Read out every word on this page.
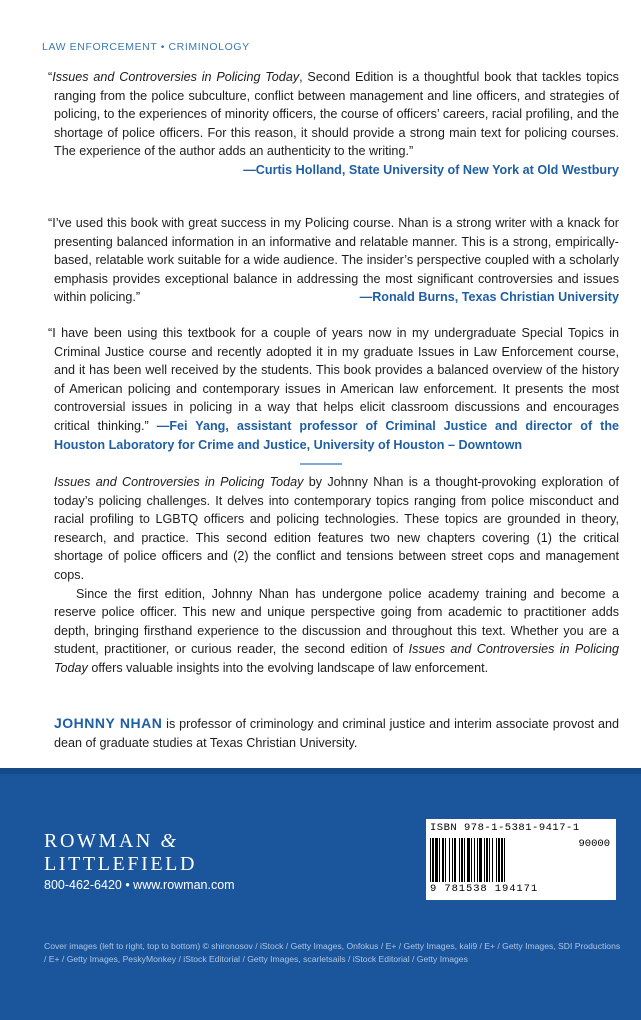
LAW ENFORCEMENT • CRIMINOLOGY
“Issues and Controversies in Policing Today, Second Edition is a thoughtful book that tackles topics ranging from the police subculture, conflict between management and line officers, and strategies of policing, to the experiences of minority officers, the course of officers’ careers, racial profiling, and the shortage of police officers. For this reason, it should provide a strong main text for policing courses. The experience of the author adds an authenticity to the writing.”
—Curtis Holland, State University of New York at Old Westbury
“I’ve used this book with great success in my Policing course. Nhan is a strong writer with a knack for presenting balanced information in an informative and relatable manner. This is a strong, empirically-based, relatable work suitable for a wide audience. The insider’s perspective coupled with a scholarly emphasis provides exceptional balance in addressing the most significant controversies and issues within policing.”	—Ronald Burns, Texas Christian University
“I have been using this textbook for a couple of years now in my undergraduate Special Topics in Criminal Justice course and recently adopted it in my graduate Issues in Law Enforcement course, and it has been well received by the students. This book provides a balanced overview of the history of American policing and contemporary issues in American law enforcement. It presents the most controversial issues in policing in a way that helps elicit classroom discussions and encourages critical thinking.” —Fei Yang, assistant professor of Criminal Justice and director of the Houston Laboratory for Crime and Justice, University of Houston – Downtown

Issues and Controversies in Policing Today by Johnny Nhan is a thought-provoking exploration of today’s policing challenges. It delves into contemporary topics ranging from police misconduct and racial profiling to LGBTQ officers and policing technologies. These topics are grounded in theory, research, and practice. This second edition features two new chapters covering (1) the critical shortage of police officers and (2) the conflict and tensions between street cops and management cops.

Since the first edition, Johnny Nhan has undergone police academy training and become a reserve police officer. This new and unique perspective going from academic to practitioner adds depth, bringing firsthand experience to the discussion and throughout this text. Whether you are a student, practitioner, or curious reader, the second edition of Issues and Controversies in Policing Today offers valuable insights into the evolving landscape of law enforcement.

JOHNNY NHAN is professor of criminology and criminal justice and interim associate provost and dean of graduate studies at Texas Christian University.
ROWMAN &
LITTLEFIELD
800-462-6420 • www.rowman.com
ISBN 978-1-5381-9417-1
90000
9 781538 194171
Cover images (left to right, top to bottom) © shironosov / iStock / Getty Images, Onfokus / E+ / Getty Images, kali9 / E+ / Getty Images, SDI Productions / E+ / Getty Images, PeskyMonkey / iStock Editorial / Getty Images, scarletsails / iStock Editorial / Getty Images
